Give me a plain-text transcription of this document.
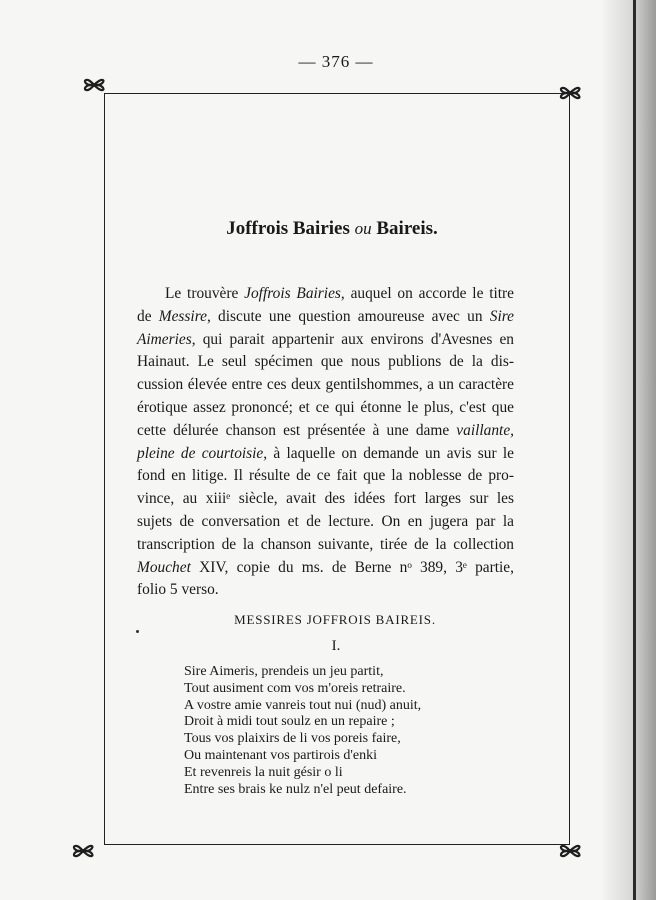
— 376 —
Joffrois Bairies ou Baireis.
Le trouvère Joffrois Bairies, auquel on accorde le titre
de Messire, discute une question amoureuse avec un Sire
Aimeries, qui parait appartenir aux environs d'Avesnes en
Hainaut. Le seul spécimen que nous publions de la dis-
cussion élevée entre ces deux gentilshommes, a un caractère
érotique assez prononcé; et ce qui étonne le plus, c'est que
cette délurée chanson est présentée à une dame vaillante,
pleine de courtoisie, à laquelle on demande un avis sur le
fond en litige. Il résulte de ce fait que la noblesse de pro-
vince, au xiiiᵉ siècle, avait des idées fort larges sur les
sujets de conversation et de lecture. On en jugera par la
transcription de la chanson suivante, tirée de la collection
Mouchet XIV, copie du ms. de Berne nᵒ 389, 3ᵉ partie,
folio 5 verso.
MESSIRES JOFFROIS BAIREIS.
I.
Sire Aimeris, prendeis un jeu partit,
Tout ausiment com vos m'oreis retraire.
A vostre amie vanreis tout nui (nud) anuit,
Droit à midi tout soulz en un repaire ;
Tous vos plaixirs de li vos poreis faire,
Ou maintenant vos partirois d'enki
Et revenreis la nuit gésir o li
Entre ses brais ke nulz n'el peut defaire.
